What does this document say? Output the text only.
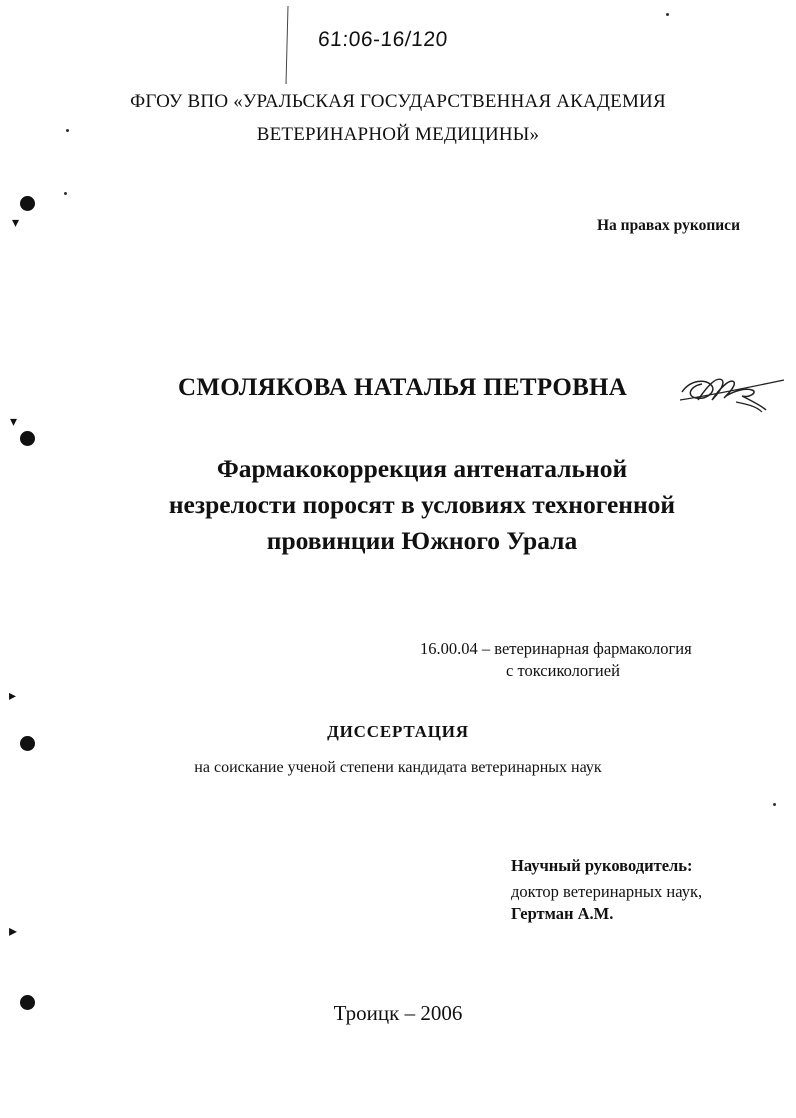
▾
▾
▸
▸
61:06-16/120
ФГОУ ВПО «УРАЛЬСКАЯ ГОСУДАРСТВЕННАЯ АКАДЕМИЯ
ВЕТЕРИНАРНОЙ МЕДИЦИНЫ»
На правах рукописи
СМОЛЯКОВА НАТАЛЬЯ ПЕТРОВНА
Фармакокоррекция антенатальной
незрелости поросят в условиях техногенной
провинции Южного Урала
16.00.04 – ветеринарная фармакология
с токсикологией
ДИССЕРТАЦИЯ
на соискание ученой степени кандидата ветеринарных наук
Научный руководитель:
доктор ветеринарных наук,
Гертман А.М.
Троицк – 2006
